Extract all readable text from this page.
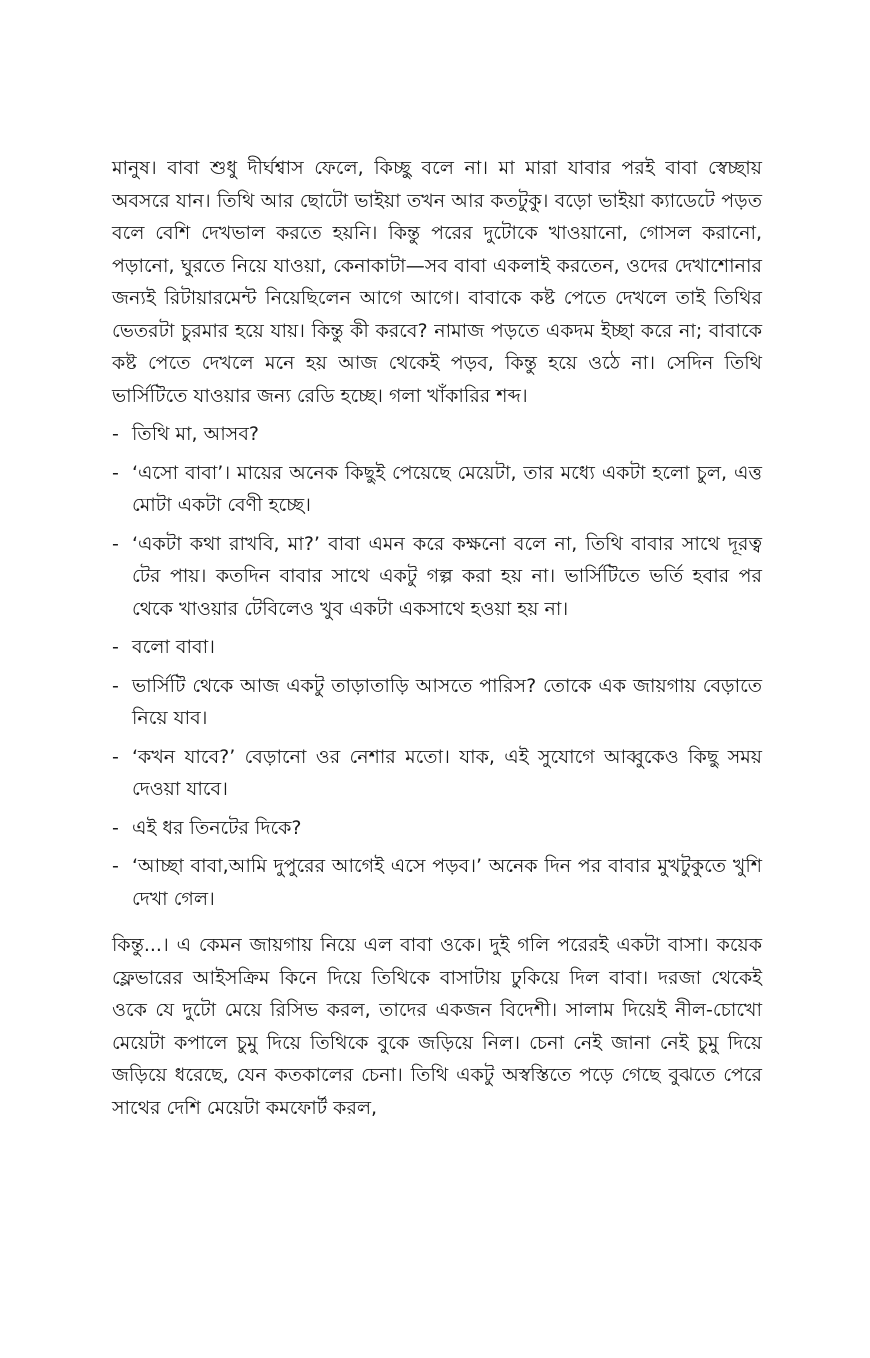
মানুষ। বাবা শুধু দীর্ঘশ্বাস ফেলে, কিচ্ছু বলে না। মা মারা যাবার পরই বাবা স্বেচ্ছায় অবসরে যান। তিথি আর ছোটো ভাইয়া তখন আর কতটুকু। বড়ো ভাইয়া ক্যাডেটে পড়ত বলে বেশি দেখভাল করতে হয়নি। কিন্তু পরের দুটোকে খাওয়ানো, গোসল করানো, পড়ানো, ঘুরতে নিয়ে যাওয়া, কেনাকাটা—সব বাবা একলাই করতেন, ওদের দেখাশোনার জন্যই রিটায়ারমেন্ট নিয়েছিলেন আগে আগে। বাবাকে কষ্ট পেতে দেখলে তাই তিথির ভেতরটা চুরমার হয়ে যায়। কিন্তু কী করবে? নামাজ পড়তে একদম ইচ্ছা করে না; বাবাকে কষ্ট পেতে দেখলে মনে হয় আজ থেকেই পড়ব, কিন্তু হয়ে ওঠে না। সেদিন তিথি ভার্সিটিতে যাওয়ার জন্য রেডি হচ্ছে। গলা খাঁকারির শব্দ।

- তিথি মা, আসব?
- ‘এসো বাবা’। মায়ের অনেক কিছুই পেয়েছে মেয়েটা, তার মধ্যে একটা হলো চুল, এত্ত মোটা একটা বেণী হচ্ছে।
- ‘একটা কথা রাখবি, মা?’ বাবা এমন করে কক্ষনো বলে না, তিথি বাবার সাথে দূরত্ব টের পায়। কতদিন বাবার সাথে একটু গল্প করা হয় না। ভার্সিটিতে ভর্তি হবার পর থেকে খাওয়ার টেবিলেও খুব একটা একসাথে হওয়া হয় না।
- বলো বাবা।
- ভার্সিটি থেকে আজ একটু তাড়াতাড়ি আসতে পারিস? তোকে এক জায়গায় বেড়াতে নিয়ে যাব।
- ‘কখন যাবে?’ বেড়ানো ওর নেশার মতো। যাক, এই সুযোগে আব্বুকেও কিছু সময় দেওয়া যাবে।
- এই ধর তিনটের দিকে?
- ‘আচ্ছা বাবা,আমি দুপুরের আগেই এসে পড়ব।’ অনেক দিন পর বাবার মুখটুকুতে খুশি দেখা গেল।

কিন্তু...। এ কেমন জায়গায় নিয়ে এল বাবা ওকে। দুই গলি পরেরই একটা বাসা। কয়েক ফ্লেভারের আইসক্রিম কিনে দিয়ে তিথিকে বাসাটায় ঢুকিয়ে দিল বাবা। দরজা থেকেই ওকে যে দুটো মেয়ে রিসিভ করল, তাদের একজন বিদেশী। সালাম দিয়েই নীল-চোখো মেয়েটা কপালে চুমু দিয়ে তিথিকে বুকে জড়িয়ে নিল। চেনা নেই জানা নেই চুমু দিয়ে জড়িয়ে ধরেছে, যেন কতকালের চেনা। তিথি একটু অস্বস্তিতে পড়ে গেছে বুঝতে পেরে সাথের দেশি মেয়েটা কমফোর্ট করল,
